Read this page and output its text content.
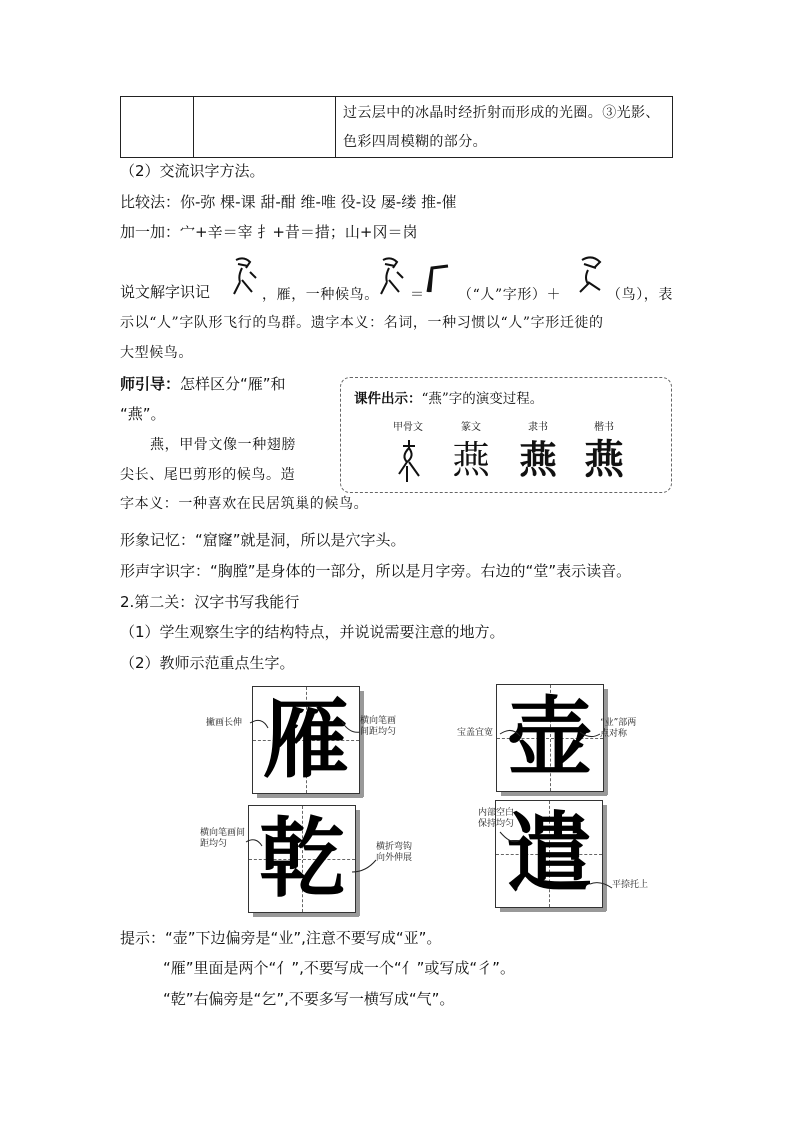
过云层中的冰晶时经折射而形成的光圈。③光影、色彩四周模糊的部分。
（2）交流识字方法。
比较法：你-弥 棵-课 甜-酣 维-唯 役-设 屡-缕 推-催
加一加：宀+辛＝宰 扌+昔＝措；山+冈＝岗
说文解字识记	，雁，一种候鸟。 ＝ （“人”字形）＋	（鸟），表
示以“人”字队形飞行的鸟群。遗字本义：名词，一种习惯以“人”字形迁徙的
大型候鸟。
师引导：怎样区分“雁”和
“燕”。
燕，甲骨文像一种翅膀
尖长、尾巴剪形的候鸟。造
字本义：一种喜欢在民居筑巢的候鸟。
课件出示：“燕”字的演变过程。
甲骨文	篆文	隶书	楷书
燕 燕 燕
形象记忆：“窟窿”就是洞，所以是穴字头。
形声字识字：“胸膛”是身体的一部分，所以是月字旁。右边的“堂”表示读音。
2.第二关：汉字书写我能行
（1）学生观察生字的结构特点，并说说需要注意的地方。
（2）教师示范重点生字。
雁 壶
乾 遣
撇画长伸	横向笔画间距均匀	宝盖宜宽
“业”部两点对称
横向笔画间距均匀	横折弯钩向外伸展
内部空白保持均匀
平捺托上
提示：“壶”下边偏旁是“业”,注意不要写成“亚”。
“雁”里面是两个“亻”,不要写成一个“亻”或写成“彳”。
“乾”右偏旁是“乞”,不要多写一横写成“气”。
